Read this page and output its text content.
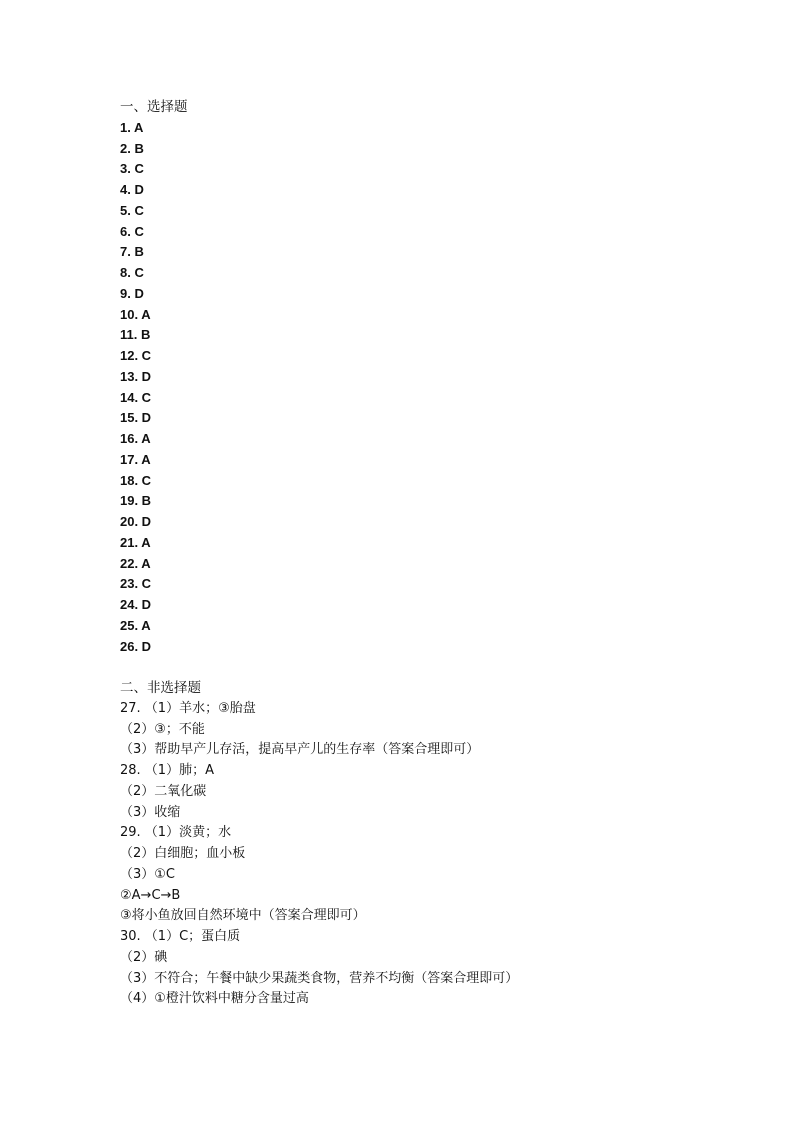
一、选择题
1. A
2. B
3. C
4. D
5. C
6. C
7. B
8. C
9. D
10. A
11. B
12. C
13. D
14. C
15. D
16. A
17. A
18. C
19. B
20. D
21. A
22. A
23. C
24. D
25. A
26. D
二、非选择题
27. （1）羊水；③胎盘
（2）③；不能
（3）帮助早产儿存活，提高早产儿的生存率（答案合理即可）
28. （1）肺；A
（2）二氧化碳
（3）收缩
29. （1）淡黄；水
（2）白细胞；血小板
（3）①C
②A→C→B
③将小鱼放回自然环境中（答案合理即可）
30. （1）C；蛋白质
（2）碘
（3）不符合；午餐中缺少果蔬类食物，营养不均衡（答案合理即可）
（4）①橙汁饮料中糖分含量过高
